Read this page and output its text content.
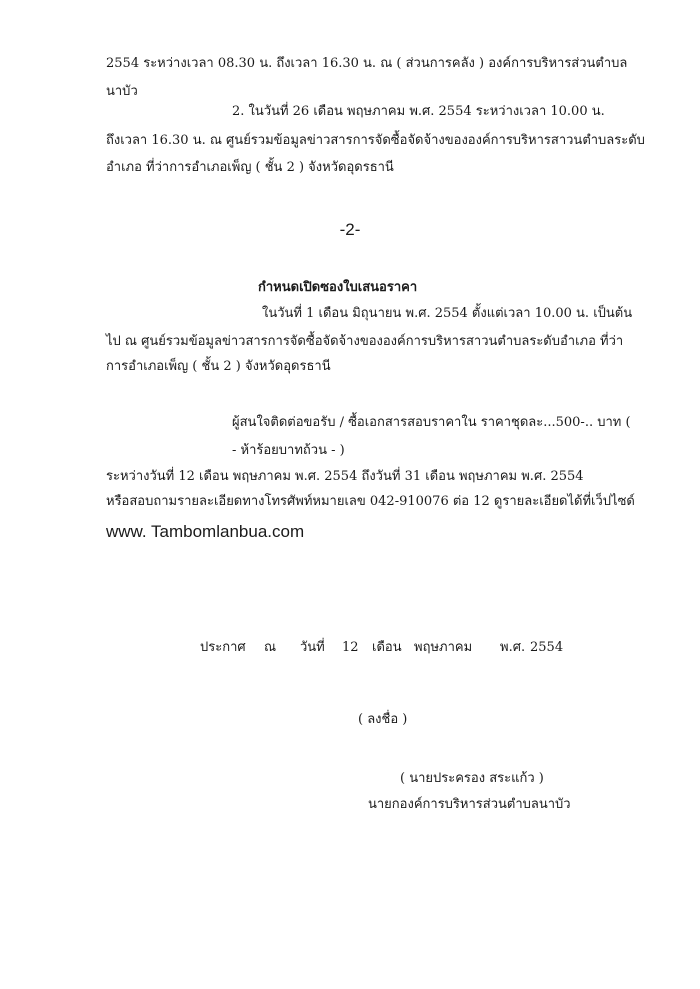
2554 ระหว่างเวลา 08.30 น. ถึงเวลา 16.30 น. ณ ( ส่วนการคลัง ) องค์การบริหารส่วนตำบล
นาบัว
2. ในวันที่ 26 เดือน พฤษภาคม พ.ศ. 2554 ระหว่างเวลา 10.00 น.
ถึงเวลา 16.30 น. ณ ศูนย์รวมข้อมูลข่าวสารการจัดซื้อจัดจ้างขององค์การบริหารสาวนตำบลระดับ
อำเภอ ที่ว่าการอำเภอเพ็ญ ( ชั้น 2 ) จังหวัดอุดรธานี
-2-
กำหนดเปิดซองใบเสนอราคา
ในวันที่ 1 เดือน มิถุนายน พ.ศ. 2554 ตั้งแต่เวลา 10.00 น. เป็นต้น
ไป ณ ศูนย์รวมข้อมูลข่าวสารการจัดซื้อจัดจ้างขององค์การบริหารสาวนตำบลระดับอำเภอ ที่ว่า
การอำเภอเพ็ญ ( ชั้น 2 ) จังหวัดอุดรธานี
ผู้สนใจติดต่อขอรับ / ซื้อเอกสารสอบราคาใน ราคาชุดละ...500-.. บาท (
- ห้าร้อยบาทถ้วน - )
ระหว่างวันที่ 12 เดือน พฤษภาคม พ.ศ. 2554 ถึงวันที่ 31 เดือน พฤษภาคม พ.ศ. 2554
หรือสอบถามรายละเอียดทางโทรศัพท์หมายเลข 042-910076 ต่อ 12 ดูรายละเอียดได้ที่เว็ปไซด์
www. Tambomlanbua.com
ประกาศ ณ วันที่ 12 เดือน พฤษภาคม พ.ศ. 2554
( ลงชื่อ )
( นายประครอง สระแก้ว )
นายกองค์การบริหารส่วนตำบลนาบัว
